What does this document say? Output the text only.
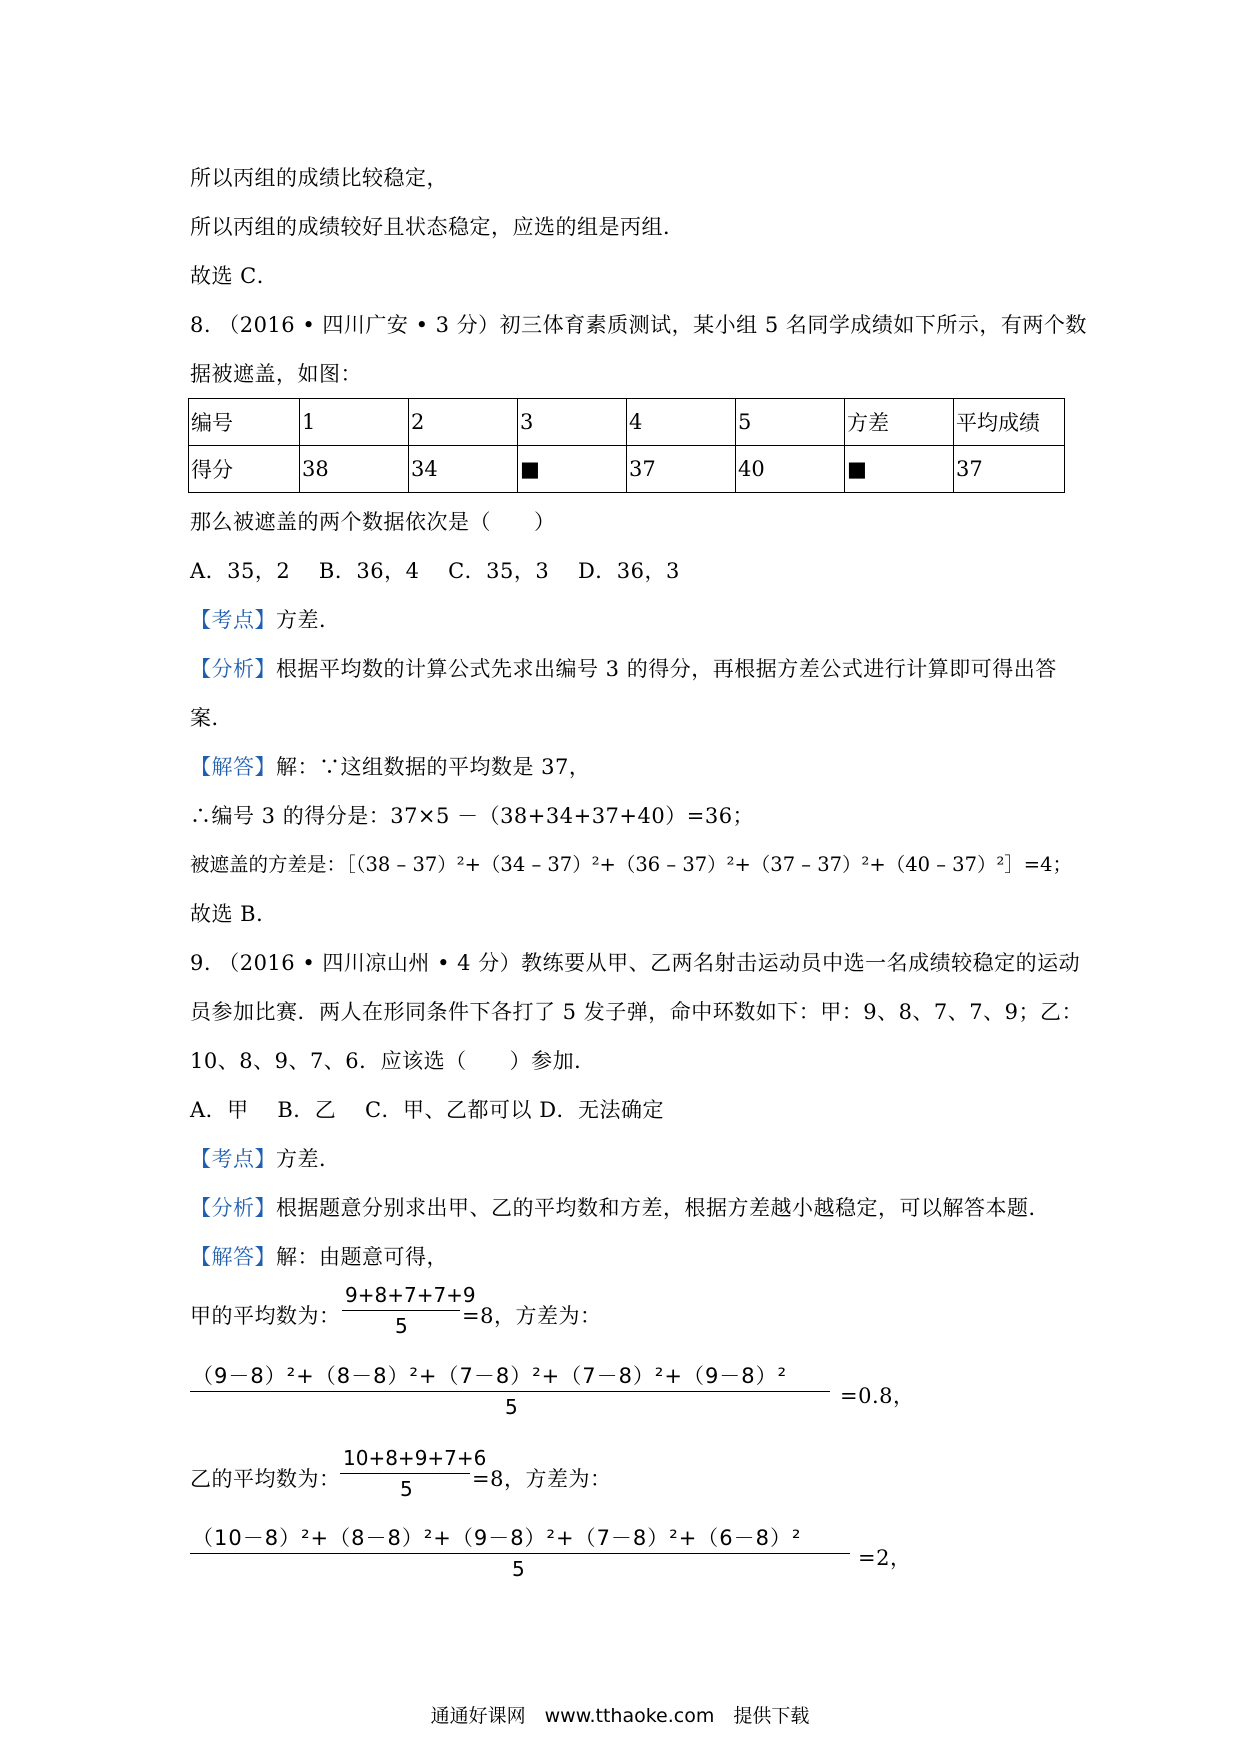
所以丙组的成绩比较稳定，
所以丙组的成绩较好且状态稳定，应选的组是丙组．
故选 C．
8. （2016 • 四川广安 • 3 分）初三体育素质测试，某小组 5 名同学成绩如下所示，有两个数
据被遮盖，如图：
编号	1	2	3	4	5	方差	平均成绩
得分	38	34	■	37	40	■	37
那么被遮盖的两个数据依次是（　　）
A．35，2　 B．36，4　 C．35，3　 D．36，3
【考点】方差．
【分析】根据平均数的计算公式先求出编号 3 的得分，再根据方差公式进行计算即可得出答
案．
【解答】解：∵这组数据的平均数是 37，
∴编号 3 的得分是：37×5 －（38+34+37+40）=36；
被遮盖的方差是：［（38 – 37）²+（34 – 37）²+（36 – 37）²+（37 – 37）²+（40 – 37）²］=4；
故选 B．
9. （2016 • 四川凉山州 • 4 分）教练要从甲、乙两名射击运动员中选一名成绩较稳定的运动
员参加比赛．两人在形同条件下各打了 5 发子弹，命中环数如下：甲：9、8、7、7、9；乙：
10、8、9、7、6．应该选（　　）参加．
A．甲　 B．乙　 C．甲、乙都可以 D．无法确定
【考点】方差．
【分析】根据题意分别求出甲、乙的平均数和方差，根据方差越小越稳定，可以解答本题．
【解答】解：由题意可得，
甲的平均数为：
9+8+7+7+9
5	=8，方差为：
（9－8）²+（8－8）²+（7－8）²+（7－8）²+（9－8）²
5	=0.8，
乙的平均数为：
10+8+9+7+6
5	=8，方差为：
（10－8）²+（8－8）²+（9－8）²+（7－8）²+（6－8）²
5	=2，
通通好课网　www.tthaoke.com　提供下载
